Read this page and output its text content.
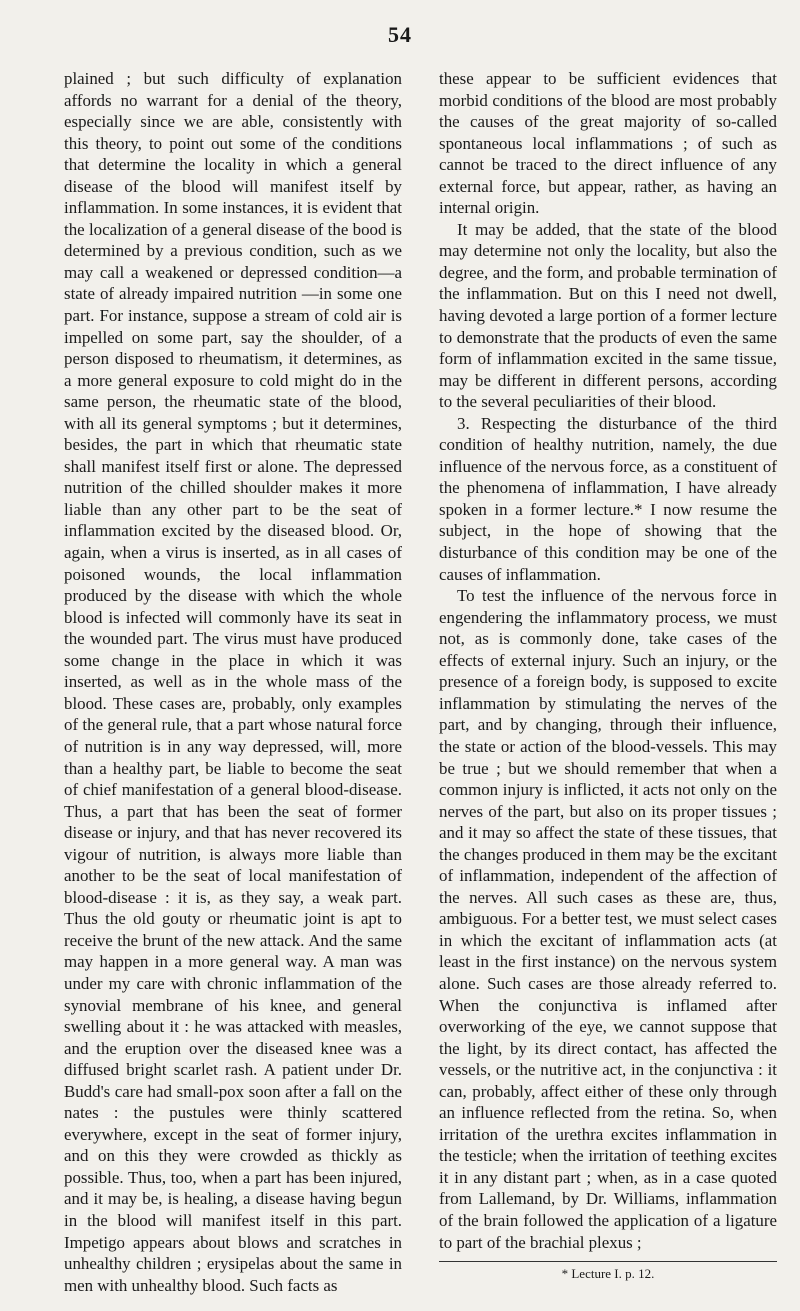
54

plained ; but such difficulty of explanation affords no warrant for a denial of the theory, especially since we are able, consistently with this theory, to point out some of the conditions that determine the locality in which a general disease of the blood will manifest itself by inflammation. In some instances, it is evident that the localization of a general disease of the bood is determined by a previous condition, such as we may call a weakened or depressed condition—a state of already impaired nutrition —in some one part. For instance, suppose a stream of cold air is impelled on some part, say the shoulder, of a person disposed to rheumatism, it determines, as a more general exposure to cold might do in the same person, the rheumatic state of the blood, with all its general symptoms ; but it determines, besides, the part in which that rheumatic state shall manifest itself first or alone. The depressed nutrition of the chilled shoulder makes it more liable than any other part to be the seat of inflammation excited by the diseased blood. Or, again, when a virus is inserted, as in all cases of poisoned wounds, the local inflammation produced by the disease with which the whole blood is infected will commonly have its seat in the wounded part. The virus must have produced some change in the place in which it was inserted, as well as in the whole mass of the blood. These cases are, probably, only examples of the general rule, that a part whose natural force of nutrition is in any way depressed, will, more than a healthy part, be liable to become the seat of chief manifestation of a general blood-disease. Thus, a part that has been the seat of former disease or injury, and that has never recovered its vigour of nutrition, is always more liable than another to be the seat of local manifestation of blood-disease : it is, as they say, a weak part. Thus the old gouty or rheumatic joint is apt to receive the brunt of the new attack. And the same may happen in a more general way. A man was under my care with chronic inflammation of the synovial membrane of his knee, and general swelling about it : he was attacked with measles, and the eruption over the diseased knee was a diffused bright scarlet rash. A patient under Dr. Budd's care had small-pox soon after a fall on the nates : the pustules were thinly scattered everywhere, except in the seat of former injury, and on this they were crowded as thickly as possible. Thus, too, when a part has been injured, and it may be, is healing, a disease having begun in the blood will manifest itself in this part. Impetigo appears about blows and scratches in unhealthy children ; erysipelas about the same in men with unhealthy blood. Such facts as

these appear to be sufficient evidences that morbid conditions of the blood are most probably the causes of the great majority of so-called spontaneous local inflammations ; of such as cannot be traced to the direct influence of any external force, but appear, rather, as having an internal origin.

It may be added, that the state of the blood may determine not only the locality, but also the degree, and the form, and probable termination of the inflammation. But on this I need not dwell, having devoted a large portion of a former lecture to demonstrate that the products of even the same form of inflammation excited in the same tissue, may be different in different persons, according to the several peculiarities of their blood.

3. Respecting the disturbance of the third condition of healthy nutrition, namely, the due influence of the nervous force, as a constituent of the phenomena of inflammation, I have already spoken in a former lecture.* I now resume the subject, in the hope of showing that the disturbance of this condition may be one of the causes of inflammation.

To test the influence of the nervous force in engendering the inflammatory process, we must not, as is commonly done, take cases of the effects of external injury. Such an injury, or the presence of a foreign body, is supposed to excite inflammation by stimulating the nerves of the part, and by changing, through their influence, the state or action of the blood-vessels. This may be true ; but we should remember that when a common injury is inflicted, it acts not only on the nerves of the part, but also on its proper tissues ; and it may so affect the state of these tissues, that the changes produced in them may be the excitant of inflammation, independent of the affection of the nerves. All such cases as these are, thus, ambiguous. For a better test, we must select cases in which the excitant of inflammation acts (at least in the first instance) on the nervous system alone. Such cases are those already referred to. When the conjunctiva is inflamed after overworking of the eye, we cannot suppose that the light, by its direct contact, has affected the vessels, or the nutritive act, in the conjunctiva : it can, probably, affect either of these only through an influence reflected from the retina. So, when irritation of the urethra excites inflammation in the testicle; when the irritation of teething excites it in any distant part ; when, as in a case quoted from Lallemand, by Dr. Williams, inflammation of the brain followed the application of a ligature to part of the brachial plexus ;

* Lecture I. p. 12.
